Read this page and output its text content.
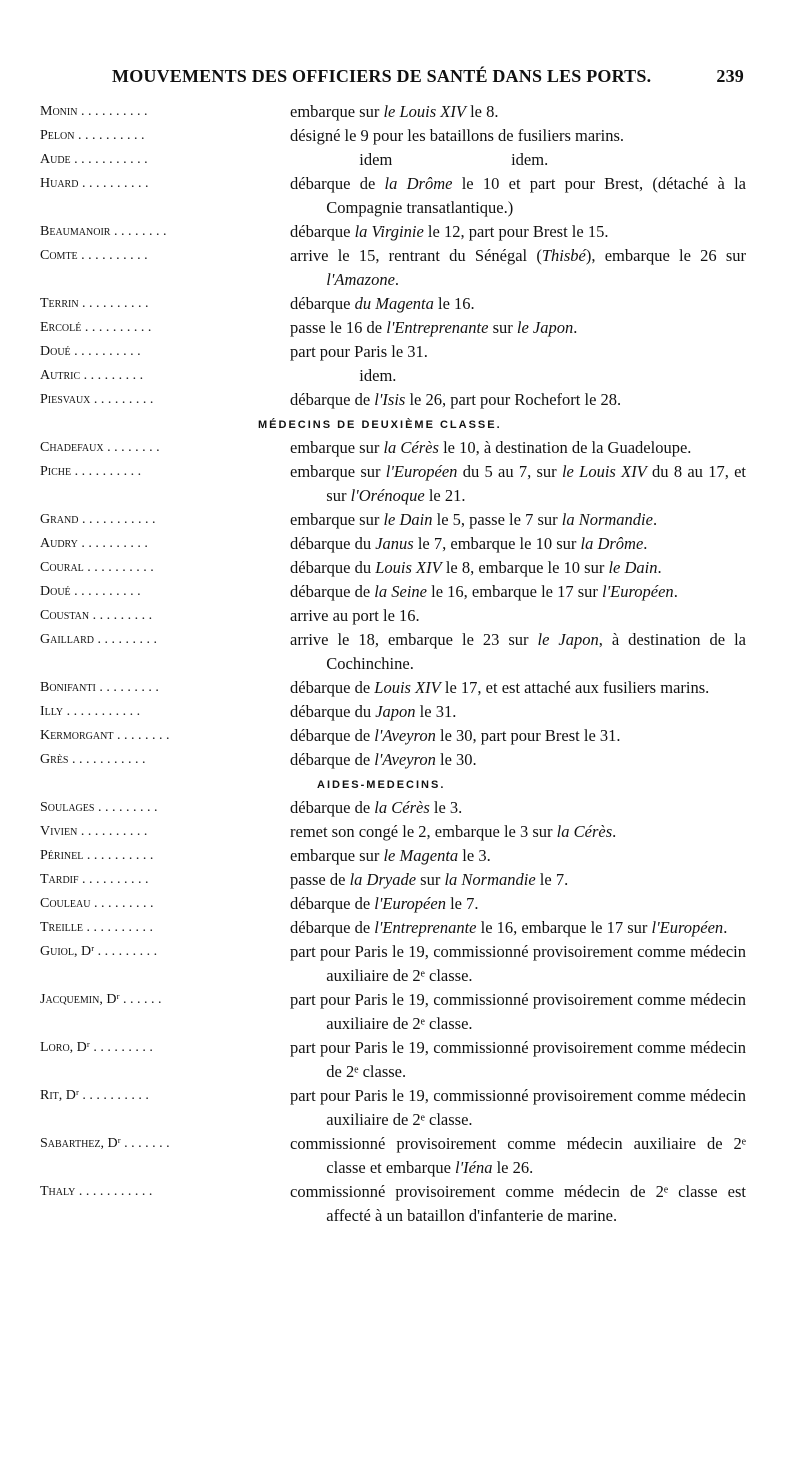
MOUVEMENTS DES OFFICIERS DE SANTÉ DANS LES PORTS.	239
Monin . . . . . . . . . .	embarque sur le Louis XIV le 8.
Pelon . . . . . . . . . .	désigné le 9 pour les bataillons de fusiliers marins.
Aude . . . . . . . . . . .	idem	idem.
Huard . . . . . . . . . .	débarque de la Drôme le 10 et part pour Brest, (détaché à la Compagnie transatlantique.)
Beaumanoir . . . . . . . .	débarque la Virginie le 12, part pour Brest le 15.
Comte . . . . . . . . . .	arrive le 15, rentrant du Sénégal (Thisbé), embarque le 26 sur l'Amazone.
Terrin . . . . . . . . . .	débarque du Magenta le 16.
Ercolé . . . . . . . . . .	passe le 16 de l'Entreprenante sur le Japon.
Doué . . . . . . . . . .	part pour Paris le 31.
Autric . . . . . . . . .	idem.
Piesvaux . . . . . . . . .	débarque de l'Isis le 26, part pour Rochefort le 28.
MÉDECINS DE DEUXIÈME CLASSE.
Chadefaux . . . . . . . .	embarque sur la Cérès le 10, à destination de la Guadeloupe.
Piche . . . . . . . . . .	embarque sur l'Européen du 5 au 7, sur le Louis XIV du 8 au 17, et sur l'Orénoque le 21.
Grand . . . . . . . . . . .	embarque sur le Dain le 5, passe le 7 sur la Normandie.
Audry . . . . . . . . . .	débarque du Janus le 7, embarque le 10 sur la Drôme.
Coural . . . . . . . . . .	débarque du Louis XIV le 8, embarque le 10 sur le Dain.
Doué . . . . . . . . . .	débarque de la Seine le 16, embarque le 17 sur l'Européen.
Coustan . . . . . . . . .	arrive au port le 16.
Gaillard . . . . . . . . .	arrive le 18, embarque le 23 sur le Japon, à destination de la Cochinchine.
Bonifanti . . . . . . . . .	débarque de Louis XIV le 17, et est attaché aux fusiliers marins.
Illy . . . . . . . . . . .	débarque du Japon le 31.
Kermorgant . . . . . . . .	débarque de l'Aveyron le 30, part pour Brest le 31.
Grès . . . . . . . . . . .	débarque de l'Aveyron le 30.
AIDES-MEDECINS.
Soulages . . . . . . . . .	débarque de la Cérès le 3.
Vivien . . . . . . . . . .	remet son congé le 2, embarque le 3 sur la Cérès.
Périnel . . . . . . . . . .	embarque sur le Magenta le 3.
Tardif . . . . . . . . . .	passe de la Dryade sur la Normandie le 7.
Couleau . . . . . . . . .	débarque de l'Européen le 7.
Treille . . . . . . . . . .	débarque de l'Entreprenante le 16, embarque le 17 sur l'Européen.
Guiol, Dʳ . . . . . . . . .	part pour Paris le 19, commissionné provisoirement comme médecin auxiliaire de 2ᵉ classe.
Jacquemin, Dʳ . . . . . .	part pour Paris le 19, commissionné provisoirement comme médecin auxiliaire de 2ᵉ classe.
Loro, Dʳ . . . . . . . . .	part pour Paris le 19, commissionné provisoirement comme médecin de 2ᵉ classe.
Rit, Dʳ . . . . . . . . . .	part pour Paris le 19, commissionné provisoirement comme médecin auxiliaire de 2ᵉ classe.
Sabarthez, Dʳ . . . . . . .	commissionné provisoirement comme médecin auxiliaire de 2ᵉ classe et embarque l'Iéna le 26.
Thaly . . . . . . . . . . .	commissionné provisoirement comme médecin de 2ᵉ classe est affecté à un bataillon d'infanterie de marine.
